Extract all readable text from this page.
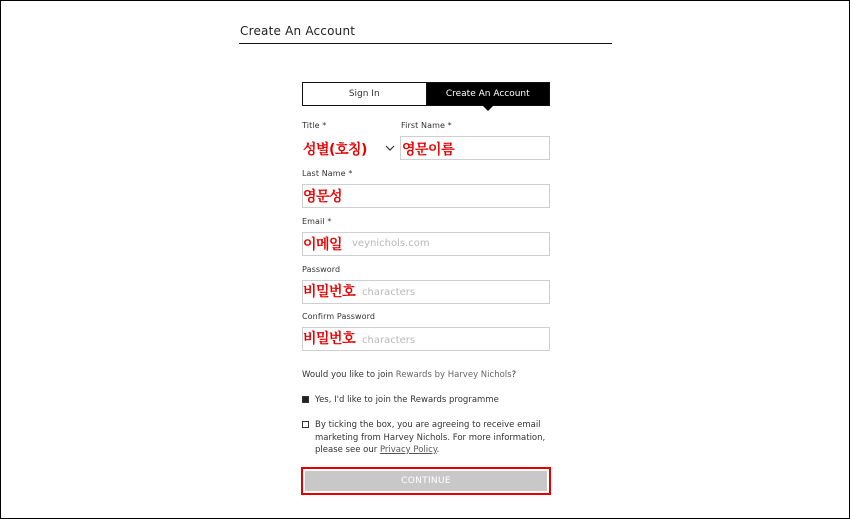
Create An Account
Sign In	Create An Account
Title *	First Name *
성별(호칭)	영문이름
Last Name *
영문성
Email *
veynichols.com
이메일
Password
characters
비밀번호
Confirm Password
characters
비밀번호
Would you like to join Rewards by Harvey Nichols?
Yes, I'd like to join the Rewards programme
By ticking the box, you are agreeing to receive email marketing from Harvey Nichols. For more information, please see our Privacy Policy.
CONTINUE
